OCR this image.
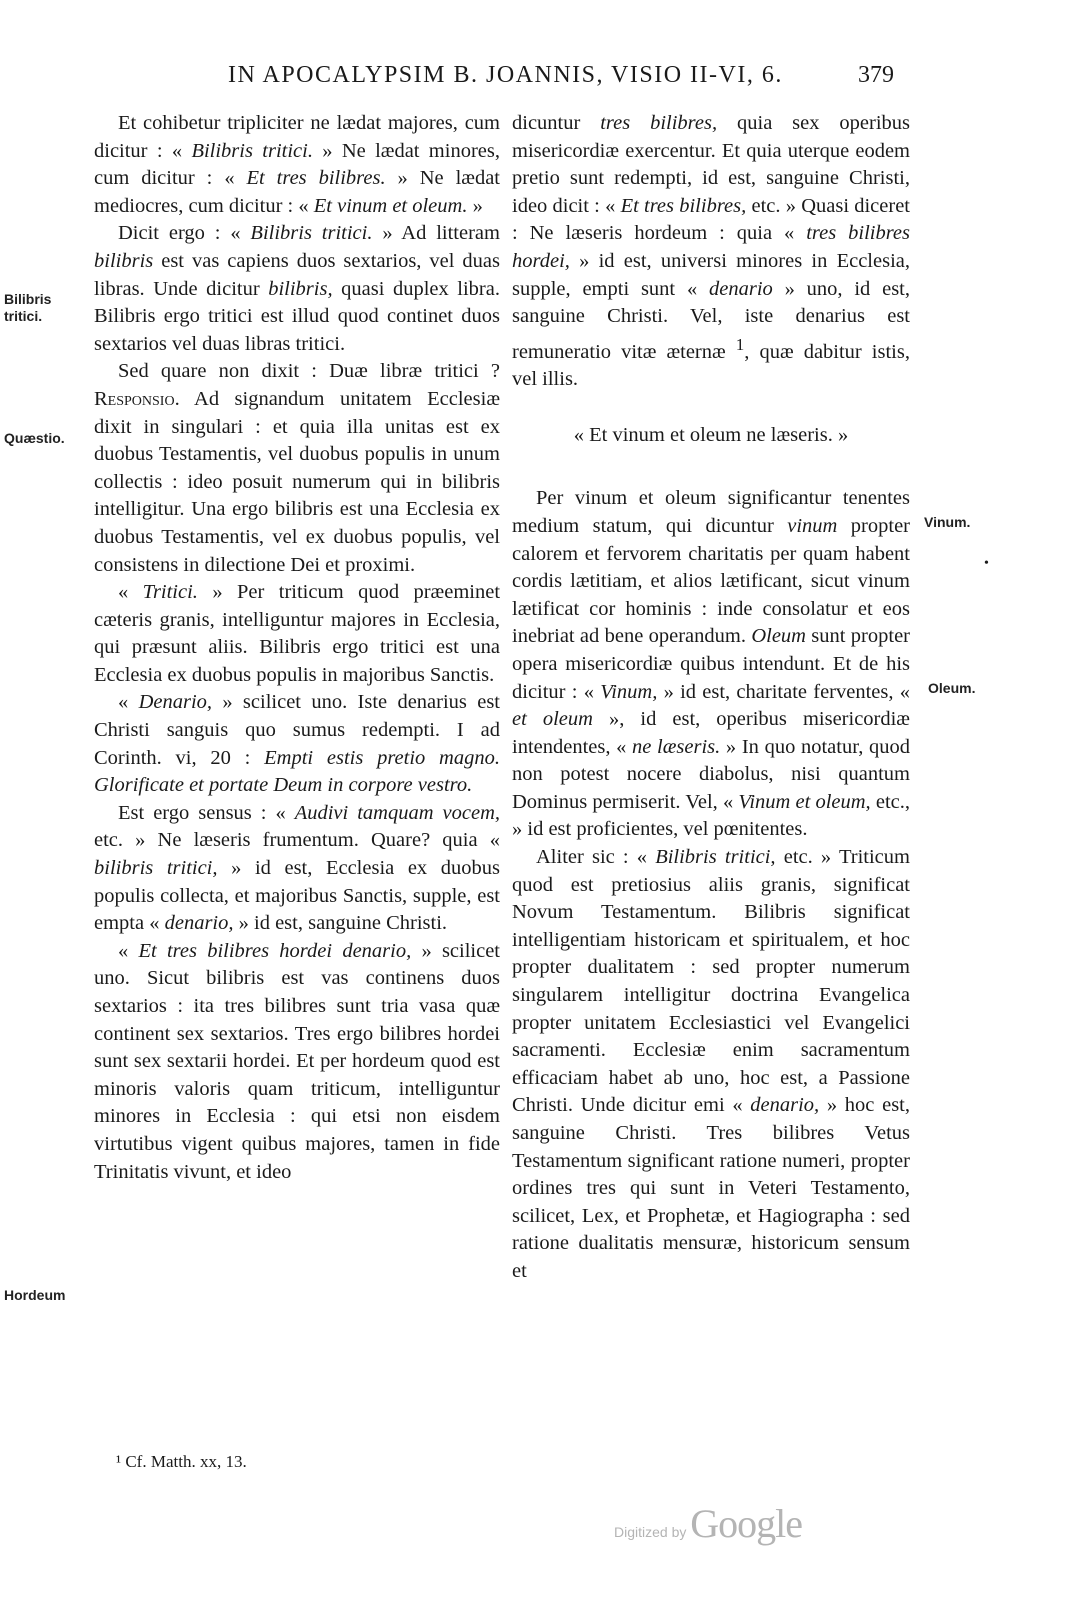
IN APOCALYPSIM B. JOANNIS, VISIO II-VI, 6.	379
Bilibris tritici.
Quæstio.
Hordeum
Vinum.
Oleum.
•

Et cohibetur tripliciter ne lædat majores, cum dicitur : « Bilibris tritici. » Ne lædat minores, cum dicitur : « Et tres bilibres. » Ne lædat mediocres, cum dicitur : « Et vinum et oleum. »

Dicit ergo : « Bilibris tritici. » Ad litteram bilibris est vas capiens duos sextarios, vel duas libras. Unde dicitur bilibris, quasi duplex libra. Bilibris ergo tritici est illud quod continet duos sextarios vel duas libras tritici.

Sed quare non dixit : Duæ libræ tritici ? Responsio. Ad signandum unitatem Ecclesiæ dixit in singulari : et quia illa unitas est ex duobus Testamentis, vel duobus populis in unum collectis : ideo posuit numerum qui in bilibris intelligitur. Una ergo bilibris est una Ecclesia ex duobus Testamentis, vel ex duobus populis, vel consistens in dilectione Dei et proximi.

« Tritici. » Per triticum quod præeminet cæteris granis, intelliguntur majores in Ecclesia, qui præsunt aliis. Bilibris ergo tritici est una Ecclesia ex duobus populis in majoribus Sanctis.

« Denario, » scilicet uno. Iste denarius est Christi sanguis quo sumus redempti. I ad Corinth. vi, 20 : Empti estis pretio magno. Glorificate et portate Deum in corpore vestro.

Est ergo sensus : « Audivi tamquam vocem, etc. » Ne læseris frumentum. Quare? quia « bilibris tritici, » id est, Ecclesia ex duobus populis collecta, et majoribus Sanctis, supple, est empta « denario, » id est, sanguine Christi.

« Et tres bilibres hordei denario, » scilicet uno. Sicut bilibris est vas continens duos sextarios : ita tres bilibres sunt tria vasa quæ continent sex sextarios. Tres ergo bilibres hordei sunt sex sextarii hordei. Et per hordeum quod est minoris valoris quam triticum, intelliguntur minores in Ecclesia : qui etsi non eisdem virtutibus vigent quibus majores, tamen in fide Trinitatis vivunt, et ideo

dicuntur tres bilibres, quia sex operibus misericordiæ exercentur. Et quia uterque eodem pretio sunt redempti, id est, sanguine Christi, ideo dicit : « Et tres bilibres, etc. » Quasi diceret : Ne læseris hordeum : quia « tres bilibres hordei, » id est, universi minores in Ecclesia, supple, empti sunt « denario » uno, id est, sanguine Christi. Vel, iste denarius est remuneratio vitæ æternæ $^1$, quæ dabitur istis, vel illis.

« Et vinum et oleum ne læseris. »

Per vinum et oleum significantur tenentes medium statum, qui dicuntur vinum propter calorem et fervorem charitatis per quam habent cordis lætitiam, et alios lætificant, sicut vinum lætificat cor hominis : inde consolatur et eos inebriat ad bene operandum. Oleum sunt propter opera misericordiæ quibus intendunt. Et de his dicitur : « Vinum, » id est, charitate ferventes, « et oleum », id est, operibus misericordiæ intendentes, « ne læseris. » In quo notatur, quod non potest nocere diabolus, nisi quantum Dominus permiserit. Vel, « Vinum et oleum, etc., » id est proficientes, vel pœnitentes.

Aliter sic : « Bilibris tritici, etc. » Triticum quod est pretiosius aliis granis, significat Novum Testamentum. Bilibris significat intelligentiam historicam et spiritualem, et hoc propter dualitatem : sed propter numerum singularem intelligitur doctrina Evangelica propter unitatem Ecclesiastici vel Evangelici sacramenti. Ecclesiæ enim sacramentum efficaciam habet ab uno, hoc est, a Passione Christi. Unde dicitur emi « denario, » hoc est, sanguine Christi. Tres bilibres Vetus Testamentum significant ratione numeri, propter ordines tres qui sunt in Veteri Testamento, scilicet, Lex, et Prophetæ, et Hagiographa : sed ratione dualitatis mensuræ, historicum sensum et

¹ Cf. Matth. xx, 13.
Digitized by Google
